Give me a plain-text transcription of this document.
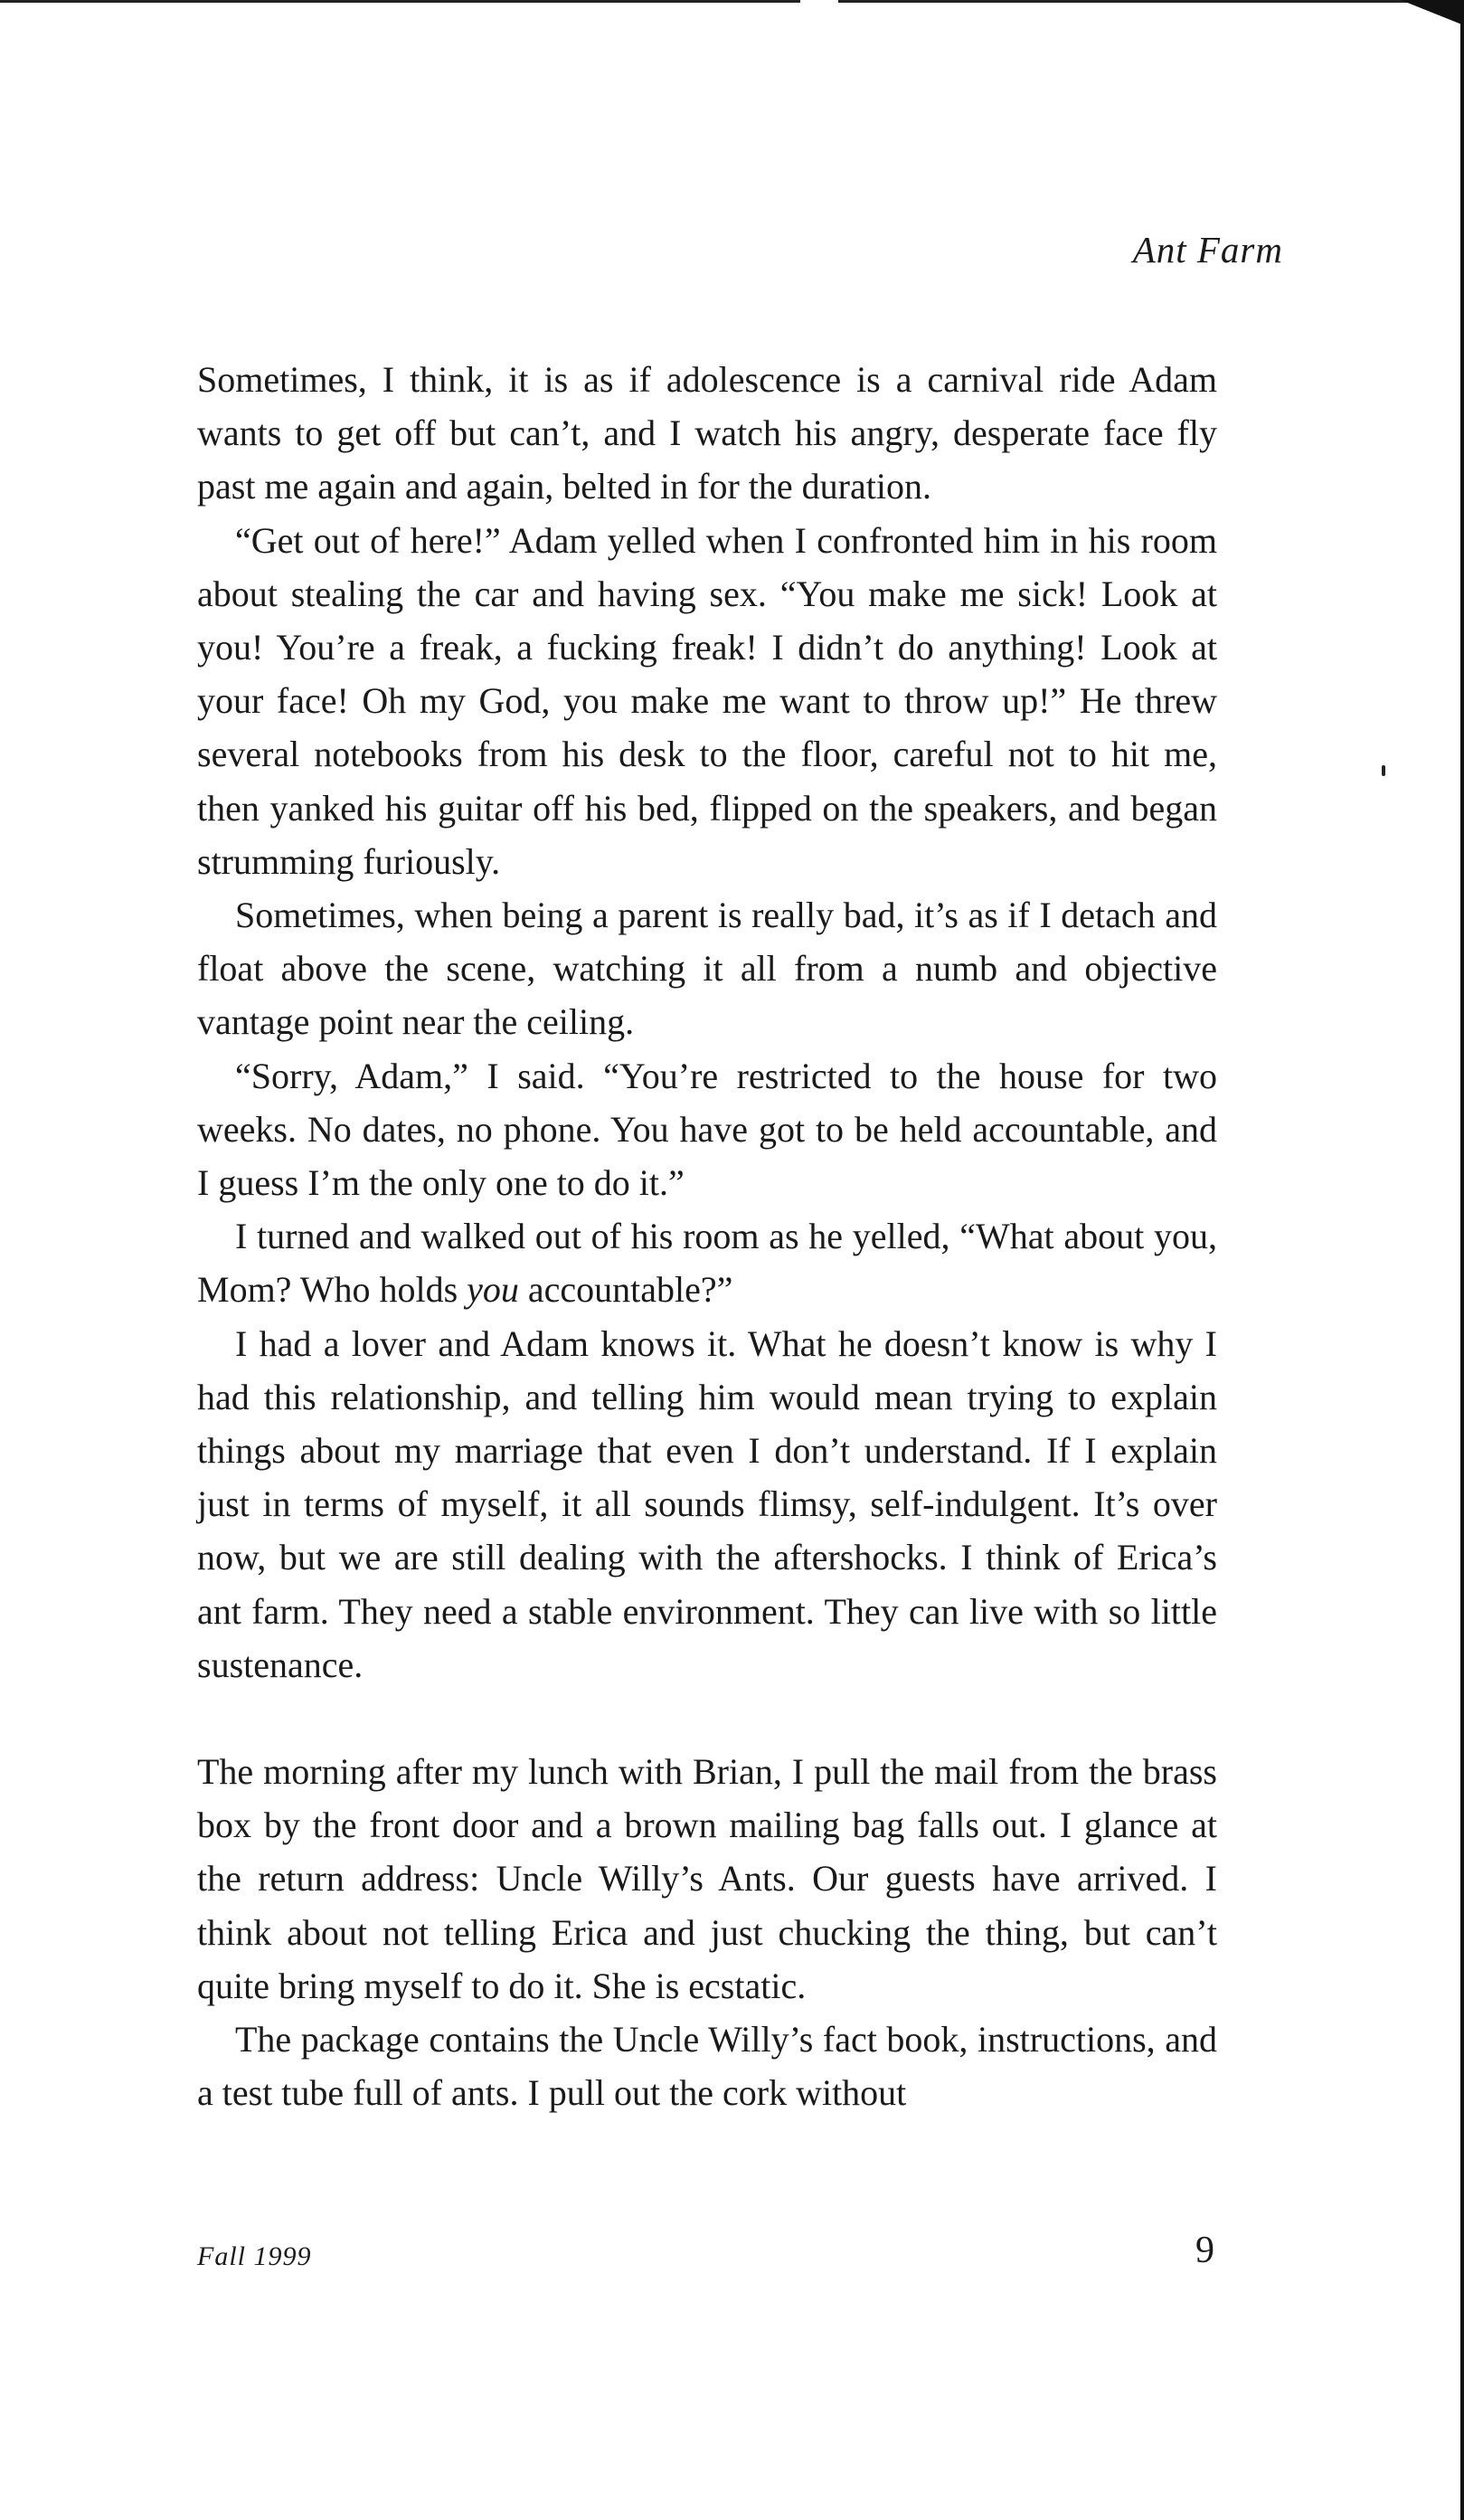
Ant Farm

Sometimes, I think, it is as if adolescence is a carnival ride Adam wants to get off but can’t, and I watch his angry, desperate face fly past me again and again, belted in for the duration.

“Get out of here!” Adam yelled when I confronted him in his room about stealing the car and having sex. “You make me sick! Look at you! You’re a freak, a fucking freak! I didn’t do anything! Look at your face! Oh my God, you make me want to throw up!” He threw several notebooks from his desk to the floor, careful not to hit me, then yanked his guitar off his bed, flipped on the speakers, and began strumming furiously.

Sometimes, when being a parent is really bad, it’s as if I detach and float above the scene, watching it all from a numb and objective vantage point near the ceiling.

“Sorry, Adam,” I said. “You’re restricted to the house for two weeks. No dates, no phone. You have got to be held accountable, and I guess I’m the only one to do it.”

I turned and walked out of his room as he yelled, “What about you, Mom? Who holds you accountable?”

I had a lover and Adam knows it. What he doesn’t know is why I had this relationship, and telling him would mean trying to explain things about my marriage that even I don’t understand. If I explain just in terms of myself, it all sounds flimsy, self-indulgent. It’s over now, but we are still dealing with the aftershocks. I think of Erica’s ant farm. They need a stable environment. They can live with so little sustenance.

The morning after my lunch with Brian, I pull the mail from the brass box by the front door and a brown mailing bag falls out. I glance at the return address: Uncle Willy’s Ants. Our guests have arrived. I think about not telling Erica and just chucking the thing, but can’t quite bring myself to do it. She is ecstatic.

The package contains the Uncle Willy’s fact book, instructions, and a test tube full of ants. I pull out the cork without

Fall 1999	9
